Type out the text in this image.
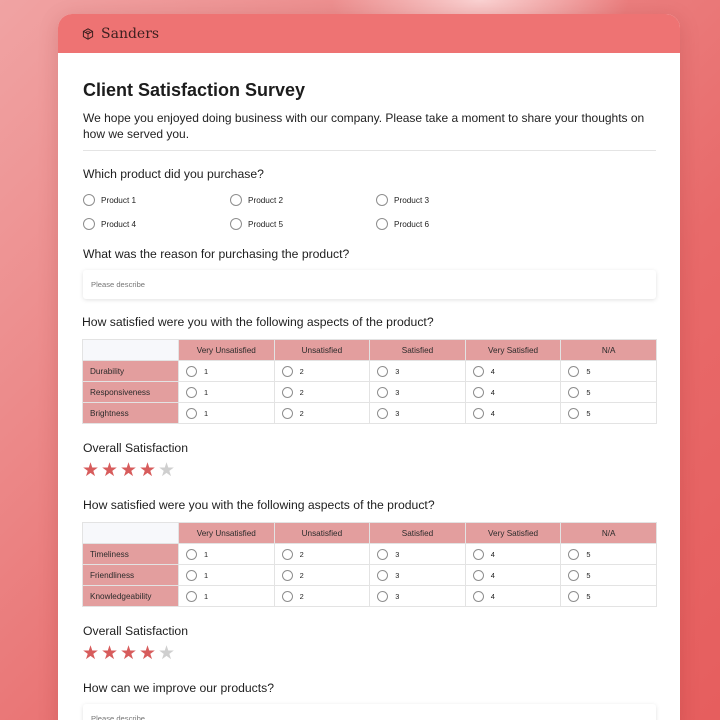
Sanders
Client Satisfaction Survey
We hope you enjoyed doing business with our company. Please take a moment to share your thoughts on how we served you.
Which product did you purchase?
Product 1	Product 2	Product 3
Product 4	Product 5	Product 6
What was the reason for purchasing the product?
Please describe
How satisfied were you with the following aspects of the product?
	Very Unsatisfied	Unsatisfied	Satisfied	Very Satisfied	N/A
Durability	1	2	3	4	5

Responsiveness	1	2	3	4	5

Brightness	1	2	3	4	5
Overall Satisfaction
★ ★ ★ ★ ★
How satisfied were you with the following aspects of the product?
	Very Unsatisfied	Unsatisfied	Satisfied	Very Satisfied	N/A
Timeliness	1	2	3	4	5

Friendliness	1	2	3	4	5

Knowledgeability	1	2	3	4	5
Overall Satisfaction
★ ★ ★ ★ ★
How can we improve our products?
Please describe
